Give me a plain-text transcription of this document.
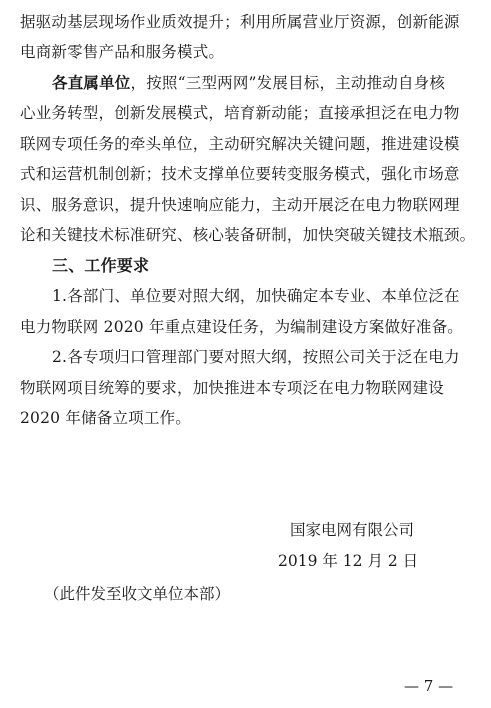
据驱动基层现场作业质效提升；利用所属营业厅资源，创新能源
电商新零售产品和服务模式。
各直属单位，按照“三型两网”发展目标，主动推动自身核
心业务转型，创新发展模式，培育新动能；直接承担泛在电力物
联网专项任务的牵头单位，主动研究解决关键问题，推进建设模
式和运营机制创新；技术支撑单位要转变服务模式，强化市场意
识、服务意识，提升快速响应能力，主动开展泛在电力物联网理
论和关键技术标准研究、核心装备研制，加快突破关键技术瓶颈。
三、工作要求
1.各部门、单位要对照大纲，加快确定本专业、本单位泛在
电力物联网 2020 年重点建设任务，为编制建设方案做好准备。
2.各专项归口管理部门要对照大纲，按照公司关于泛在电力
物联网项目统筹的要求，加快推进本专项泛在电力物联网建设
2020 年储备立项工作。
国家电网有限公司
2019 年 12 月 2 日
（此件发至收文单位本部）
— 7 —
